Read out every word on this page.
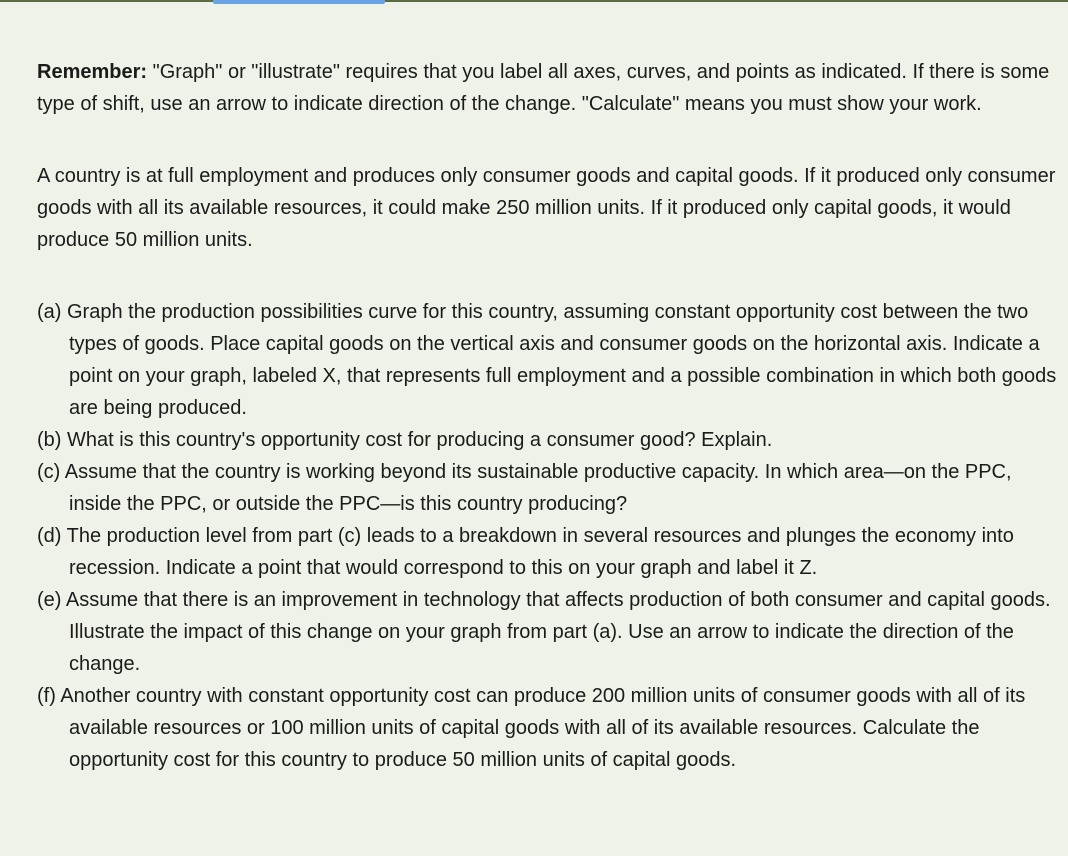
Remember: "Graph" or "illustrate" requires that you label all axes, curves, and points as indicated. If there is some type of shift, use an arrow to indicate direction of the change. "Calculate" means you must show your work.

A country is at full employment and produces only consumer goods and capital goods. If it produced only consumer goods with all its available resources, it could make 250 million units. If it produced only capital goods, it would produce 50 million units.

(a) Graph the production possibilities curve for this country, assuming constant opportunity cost between the two types of goods. Place capital goods on the vertical axis and consumer goods on the horizontal axis. Indicate a point on your graph, labeled X, that represents full employment and a possible combination in which both goods are being produced.
(b) What is this country's opportunity cost for producing a consumer good? Explain.
(c) Assume that the country is working beyond its sustainable productive capacity. In which area—on the PPC, inside the PPC, or outside the PPC—is this country producing?
(d) The production level from part (c) leads to a breakdown in several resources and plunges the economy into recession. Indicate a point that would correspond to this on your graph and label it Z.
(e) Assume that there is an improvement in technology that affects production of both consumer and capital goods. Illustrate the impact of this change on your graph from part (a). Use an arrow to indicate the direction of the change.
(f) Another country with constant opportunity cost can produce 200 million units of consumer goods with all of its available resources or 100 million units of capital goods with all of its available resources. Calculate the opportunity cost for this country to produce 50 million units of capital goods.
